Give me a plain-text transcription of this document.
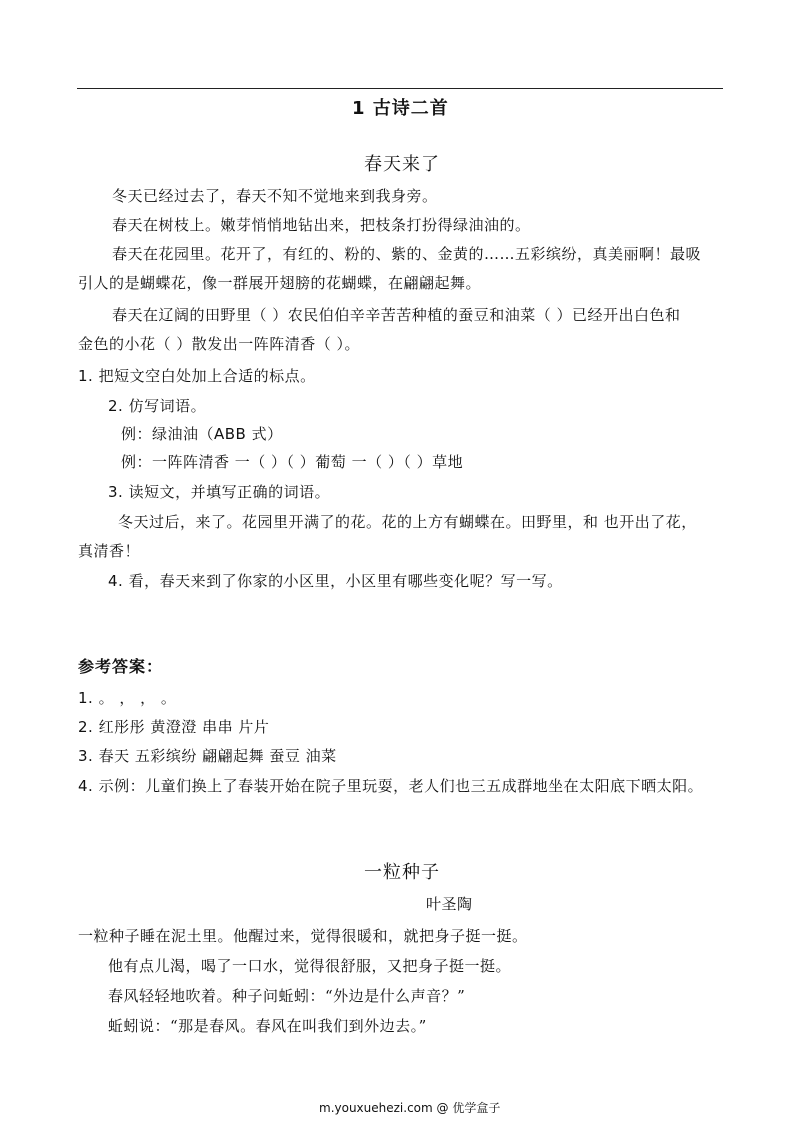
1 古诗二首
春天来了
冬天已经过去了，春天不知不觉地来到我身旁。
春天在树枝上。嫩芽悄悄地钻出来，把枝条打扮得绿油油的。
春天在花园里。花开了，有红的、粉的、紫的、金黄的……五彩缤纷，真美丽啊！最吸
引人的是蝴蝶花，像一群展开翅膀的花蝴蝶，在翩翩起舞。
春天在辽阔的田野里（ ）农民伯伯辛辛苦苦种植的蚕豆和油菜（ ）已经开出白色和
金色的小花（ ）散发出一阵阵清香（ ）。
1. 把短文空白处加上合适的标点。
2. 仿写词语。
例：绿油油（ABB 式）
例：一阵阵清香 一（ ）（ ）葡萄 一（ ）（ ）草地
3. 读短文，并填写正确的词语。
冬天过后，来了。花园里开满了的花。花的上方有蝴蝶在。田野里，和 也开出了花，
真清香！
4. 看，春天来到了你家的小区里，小区里有哪些变化呢？写一写。
参考答案：
1. 。 ， ， 。
2. 红彤彤 黄澄澄 串串 片片
3. 春天 五彩缤纷 翩翩起舞 蚕豆 油菜
4. 示例：儿童们换上了春装开始在院子里玩耍，老人们也三五成群地坐在太阳底下晒太阳。
一粒种子
叶圣陶
一粒种子睡在泥土里。他醒过来，觉得很暖和，就把身子挺一挺。
他有点儿渴，喝了一口水，觉得很舒服，又把身子挺一挺。
春风轻轻地吹着。种子问蚯蚓：“外边是什么声音？”
蚯蚓说：“那是春风。春风在叫我们到外边去。”
m.youxuehezi.com @ 优学盒子
